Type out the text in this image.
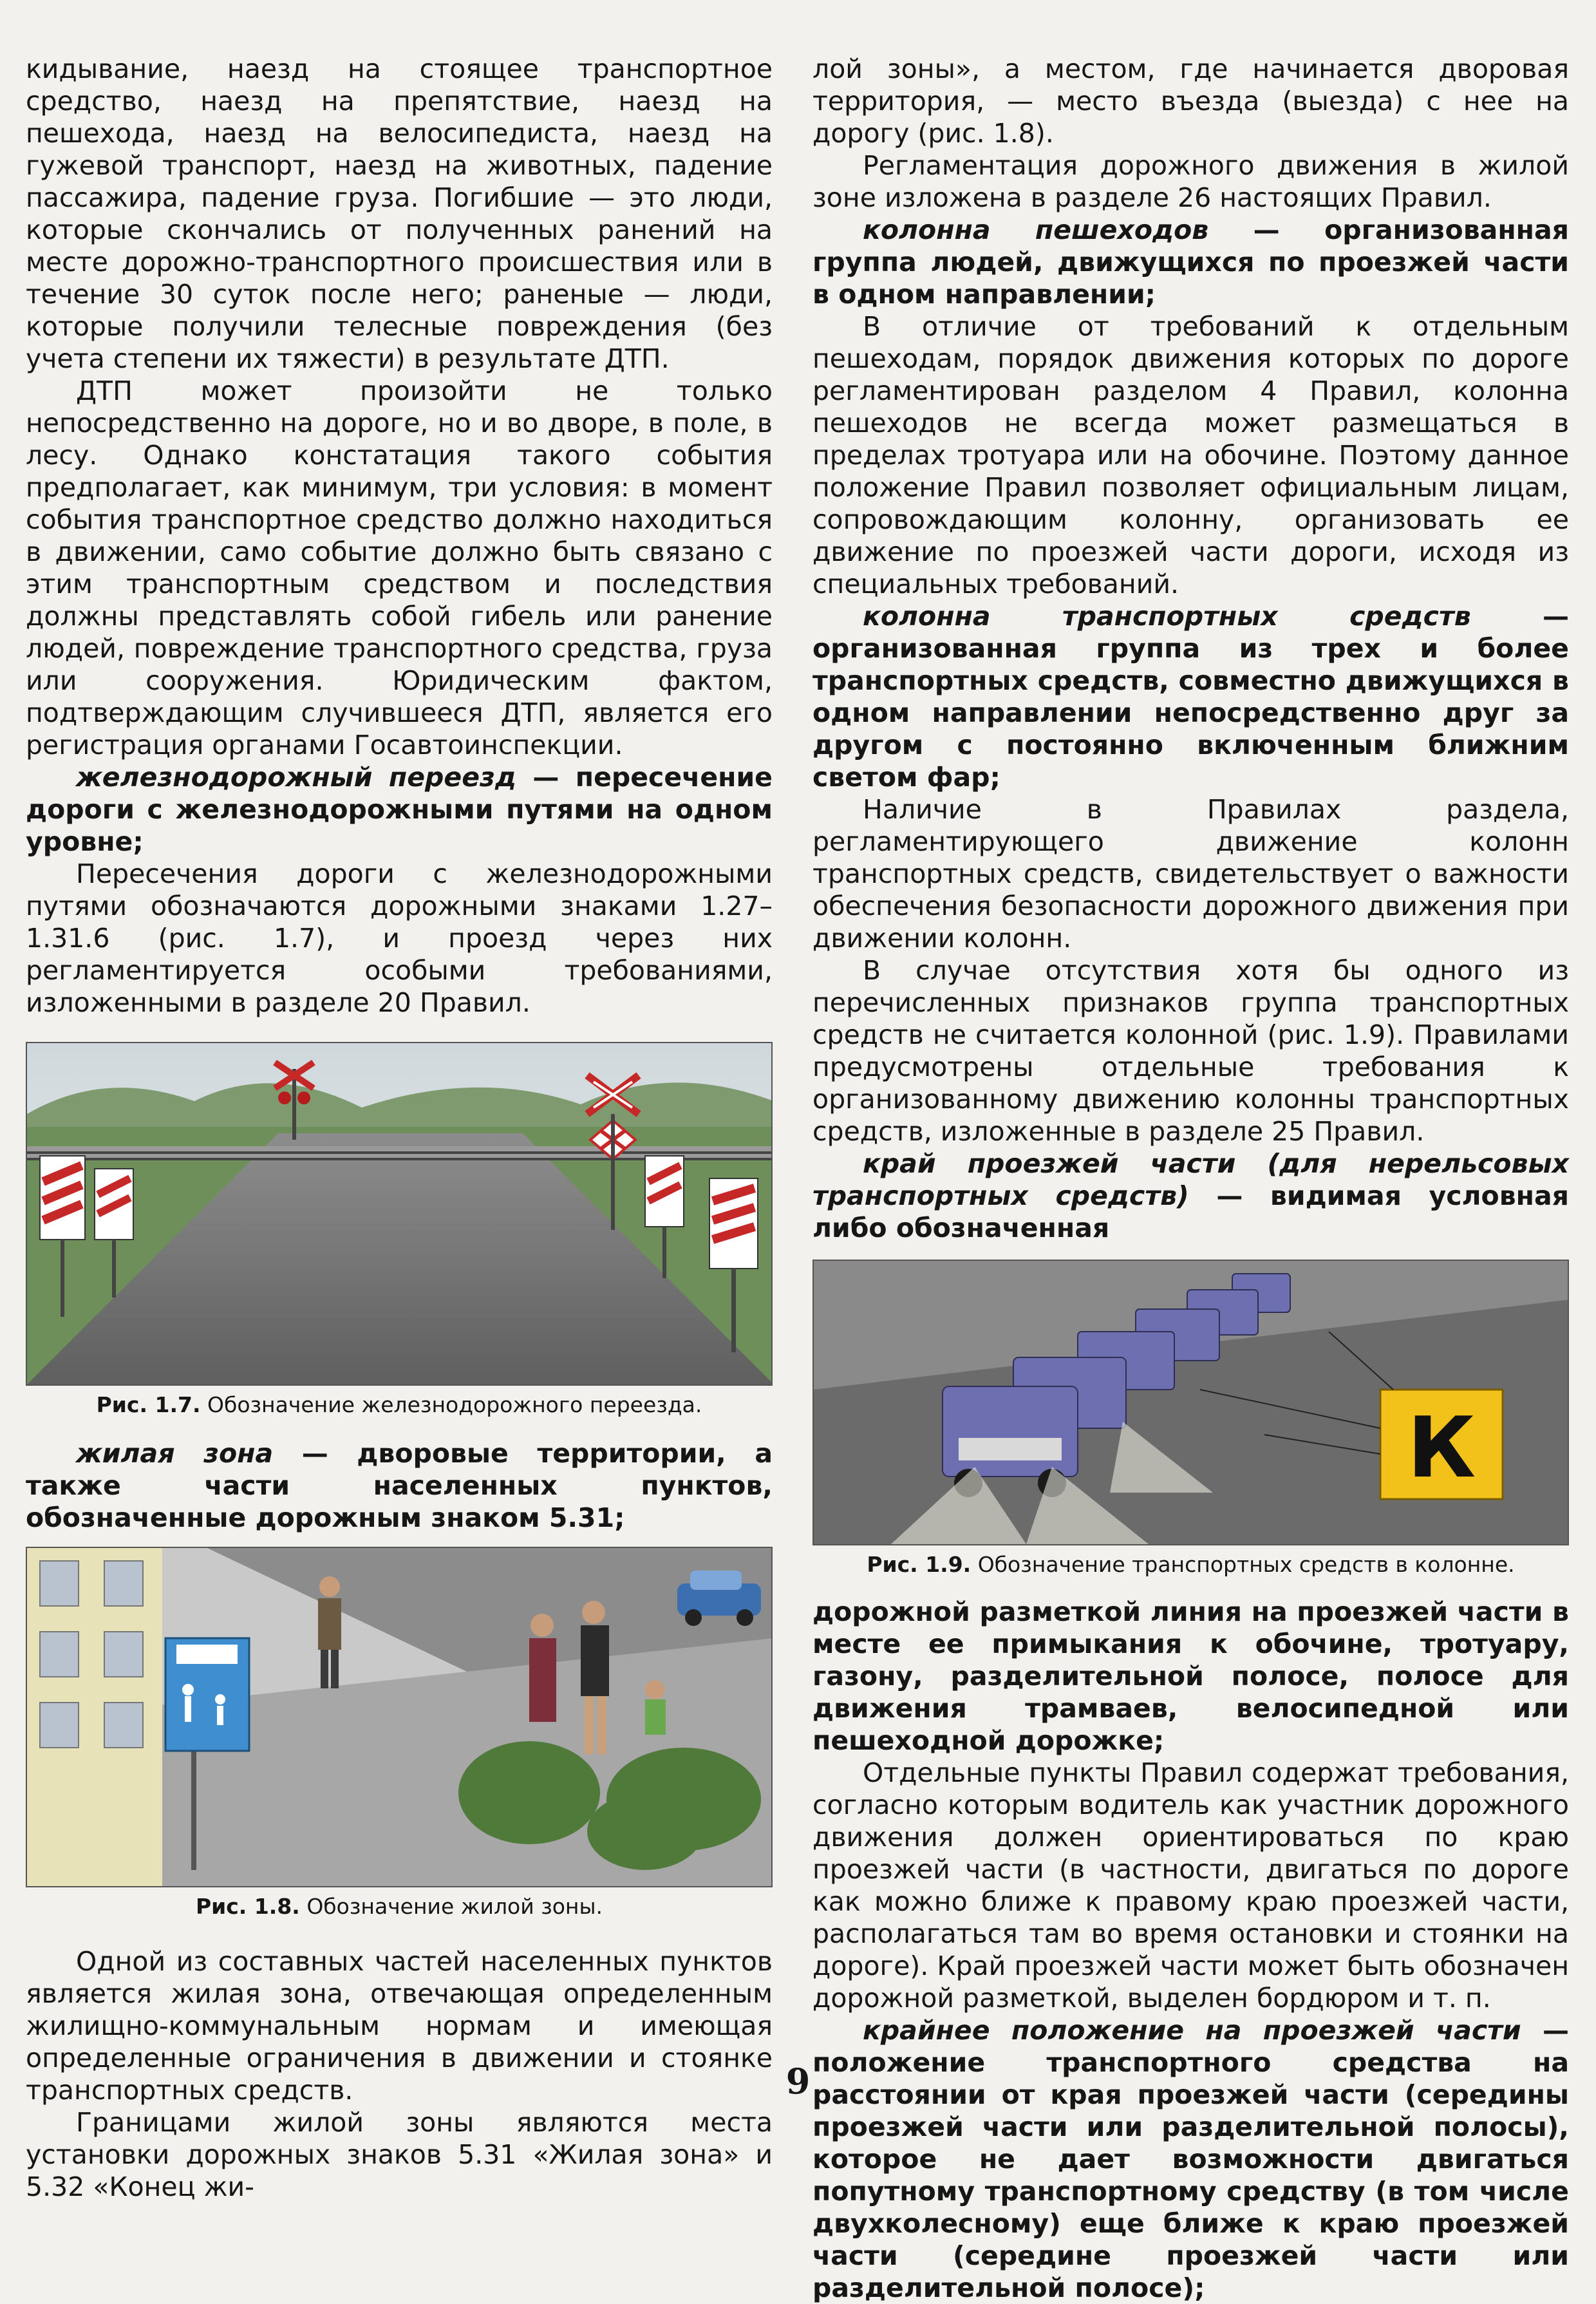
кидывание, наезд на стоящее транспортное средство, наезд на препятствие, наезд на пешехода, наезд на велосипедиста, наезд на гужевой транспорт, наезд на животных, падение пассажира, падение груза. Погибшие — это люди, которые скончались от полученных ранений на месте дорожно-транспортного происшествия или в течение 30 суток после него; раненые — люди, которые получили телесные повреждения (без учета степени их тяжести) в результате ДТП.

ДТП может произойти не только непосредственно на дороге, но и во дворе, в поле, в лесу. Однако констатация такого события предполагает, как минимум, три условия: в момент события транспортное средство должно находиться в движении, само событие должно быть связано с этим транспортным средством и последствия должны представлять собой гибель или ранение людей, повреждение транспортного средства, груза или сооружения. Юридическим фактом, подтверждающим случившееся ДТП, является его регистрация органами Госавтоинспекции.

железнодорожный переезд — пересечение дороги с железнодорожными путями на одном уровне;

Пересечения дороги с железнодорожными путями обозначаются дорожными знаками 1.27–1.31.6 (рис. 1.7), и проезд через них регламентируется особыми требованиями, изложенными в разделе 20 Правил.

Рис. 1.7. Обозначение железнодорожного переезда.

жилая зона — дворовые территории, а также части населенных пунктов, обозначенные дорожным знаком 5.31;

Рис. 1.8. Обозначение жилой зоны.

Одной из составных частей населенных пунктов является жилая зона, отвечающая определенным жилищно-коммунальным нормам и имеющая определенные ограничения в движении и стоянке транспортных средств.

Границами жилой зоны являются места установки дорожных знаков 5.31 «Жилая зона» и 5.32 «Конец жи-

лой зоны», а местом, где начинается дворовая территория, — место въезда (выезда) с нее на дорогу (рис. 1.8).

Регламентация дорожного движения в жилой зоне изложена в разделе 26 настоящих Правил.

колонна пешеходов — организованная группа людей, движущихся по проезжей части в одном направлении;

В отличие от требований к отдельным пешеходам, порядок движения которых по дороге регламентирован разделом 4 Правил, колонна пешеходов не всегда может размещаться в пределах тротуара или на обочине. Поэтому данное положение Правил позволяет официальным лицам, сопровождающим колонну, организовать ее движение по проезжей части дороги, исходя из специальных требований.

колонна транспортных средств — организованная группа из трех и более транспортных средств, совместно движущихся в одном направлении непосредственно друг за другом с постоянно включенным ближним светом фар;

Наличие в Правилах раздела, регламентирующего движение колонн транспортных средств, свидетельствует о важности обеспечения безопасности дорожного движения при движении колонн.

В случае отсутствия хотя бы одного из перечисленных признаков группа транспортных средств не считается колонной (рис. 1.9). Правилами предусмотрены отдельные требования к организованному движению колонны транспортных средств, изложенные в разделе 25 Правил.

край проезжей части (для нерельсовых транспортных средств) — видимая условная либо обозначенная

К

Рис. 1.9. Обозначение транспортных средств в колонне.

дорожной разметкой линия на проезжей части в месте ее примыкания к обочине, тротуару, газону, разделительной полосе, полосе для движения трамваев, велосипедной или пешеходной дорожке;

Отдельные пункты Правил содержат требования, согласно которым водитель как участник дорожного движения должен ориентироваться по краю проезжей части (в частности, двигаться по дороге как можно ближе к правому краю проезжей части, располагаться там во время остановки и стоянки на дороге). Край проезжей части может быть обозначен дорожной разметкой, выделен бордюром и т. п.

крайнее положение на проезжей части — положение транспортного средства на расстоянии от края проезжей части (середины проезжей части или разделительной полосы), которое не дает возможности двигаться попутному транспортному средству (в том числе двухколесному) еще ближе к краю проезжей части (середине проезжей части или разделительной полосе);

9
